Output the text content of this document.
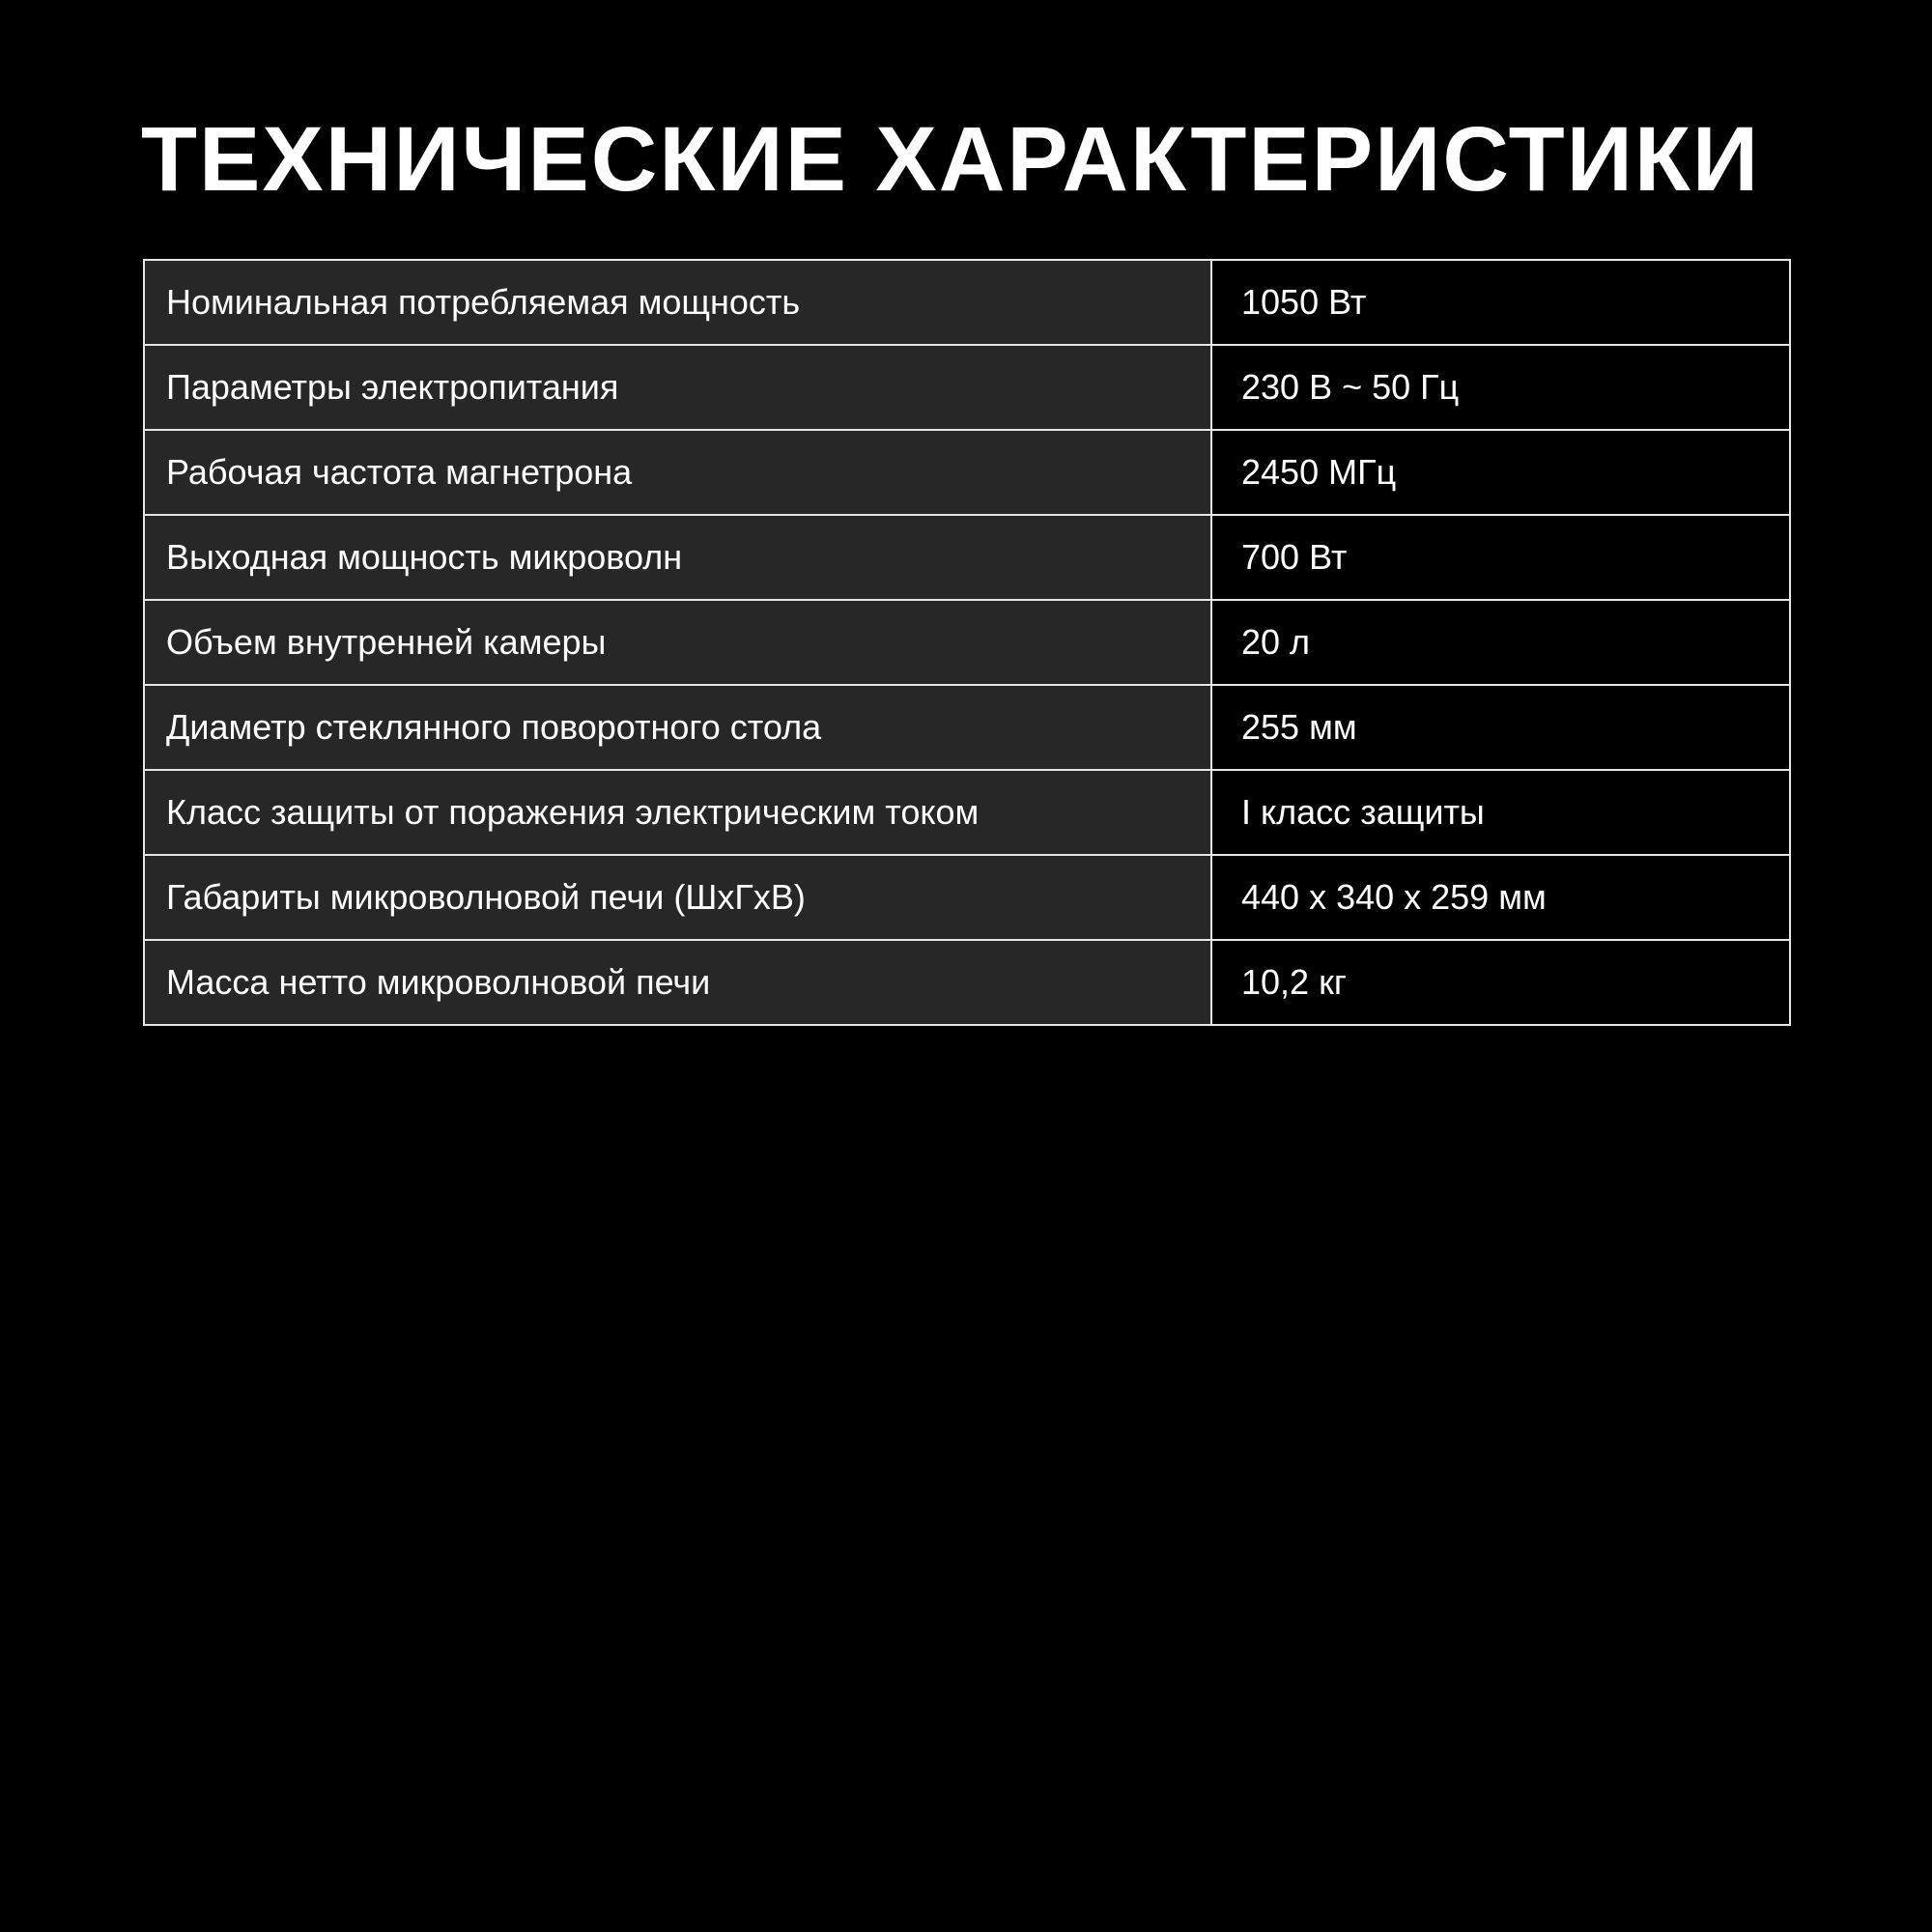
ТЕХНИЧЕСКИЕ ХАРАКТЕРИСТИКИ
Номинальная потребляемая мощность	1050 Вт
Параметры электропитания	230 В ~ 50 Гц
Рабочая частота магнетрона	2450 МГц
Выходная мощность микроволн	700 Вт
Объем внутренней камеры	20 л
Диаметр стеклянного поворотного стола	255 мм
Класс защиты от поражения электрическим током	I класс защиты
Габариты микроволновой печи (ШхГхВ)	440 х 340 х 259 мм
Масса нетто микроволновой печи	10,2 кг
